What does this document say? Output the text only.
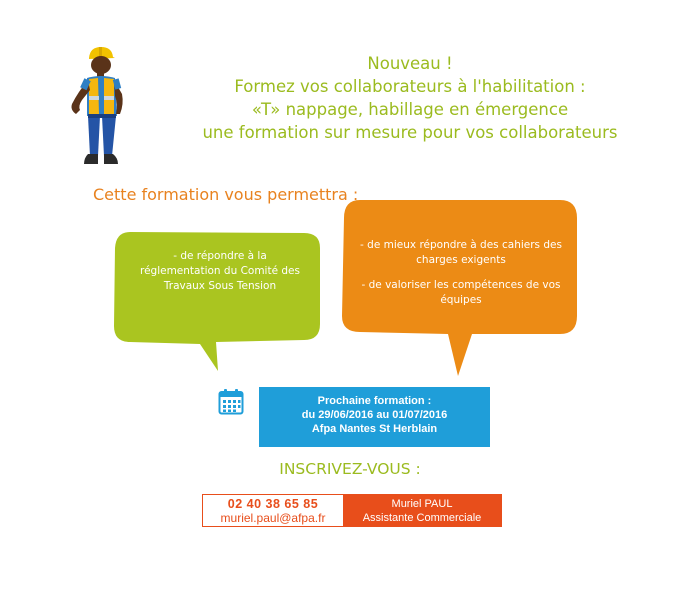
Nouveau !
Formez vos collaborateurs à l'habilitation :
«T» nappage, habillage en émergence
une formation sur mesure pour vos collaborateurs
Cette formation vous permettra :

- de répondre à la

réglementation du Comité des

Travaux Sous Tension

- de mieux répondre à des cahiers des

charges exigents

- de valoriser les compétences de vos

équipes

Prochaine formation :
du 29/06/2016 au 01/07/2016
Afpa Nantes St Herblain
INSCRIVEZ-VOUS :
02 40 38 65 85
muriel.paul@afpa.fr
Muriel PAUL
Assistante Commerciale
